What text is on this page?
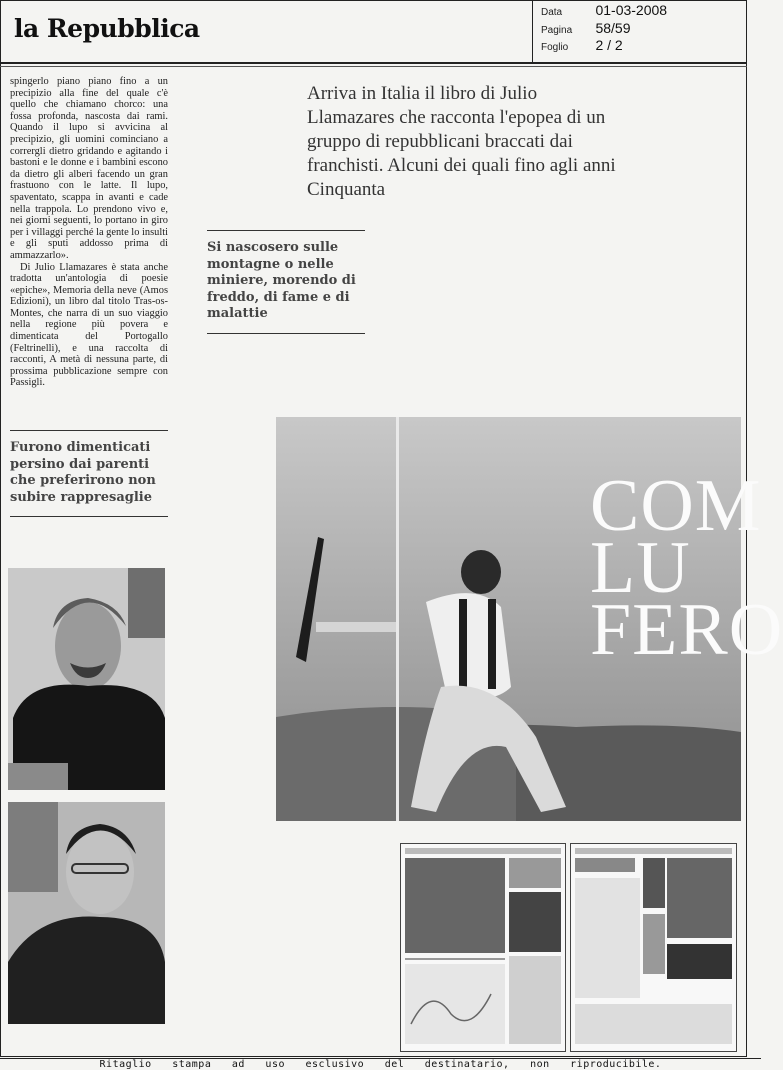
la Repubblica
Data 01-03-2008
Pagina 58/59
Foglio 2 / 2

spingerlo piano piano fino a un precipizio alla fine del quale c'è quello che chiamano chorco: una fossa profonda, nascosta dai rami. Quando il lupo si avvicina al precipizio, gli uomini cominciano a corrergli dietro gridando e agitando i bastoni e le donne e i bambini escono da dietro gli alberi facendo un gran frastuono con le latte. Il lupo, spaventato, scappa in avanti e cade nella trappola. Lo prendono vivo e, nei giorni seguenti, lo portano in giro per i villaggi perché la gente lo insulti e gli sputi addosso prima di ammazzarlo».

Di Julio Llamazares è stata anche tradotta un'antologia di poesie «epiche», Memoria della neve (Amos Edizioni), un libro dal titolo Tras-os-Montes, che narra di un suo viaggio nella regione più povera e dimenticata del Portogallo (Feltrinelli), e una raccolta di racconti, A metà di nessuna parte, di prossima pubblicazione sempre con Passigli.

Arriva in Italia il libro di Julio Llamazares che racconta l'epopea di un gruppo di repubblicani braccati dai franchisti. Alcuni dei quali fino agli anni Cinquanta
Si nascosero sulle montagne o nelle miniere, morendo di freddo, di fame e di malattie
Furono dimenticati persino dai parenti che preferirono non subire rappresaglie	COM
LU
FERO
Ritaglio stampa ad uso esclusivo del destinatario, non riproducibile.
